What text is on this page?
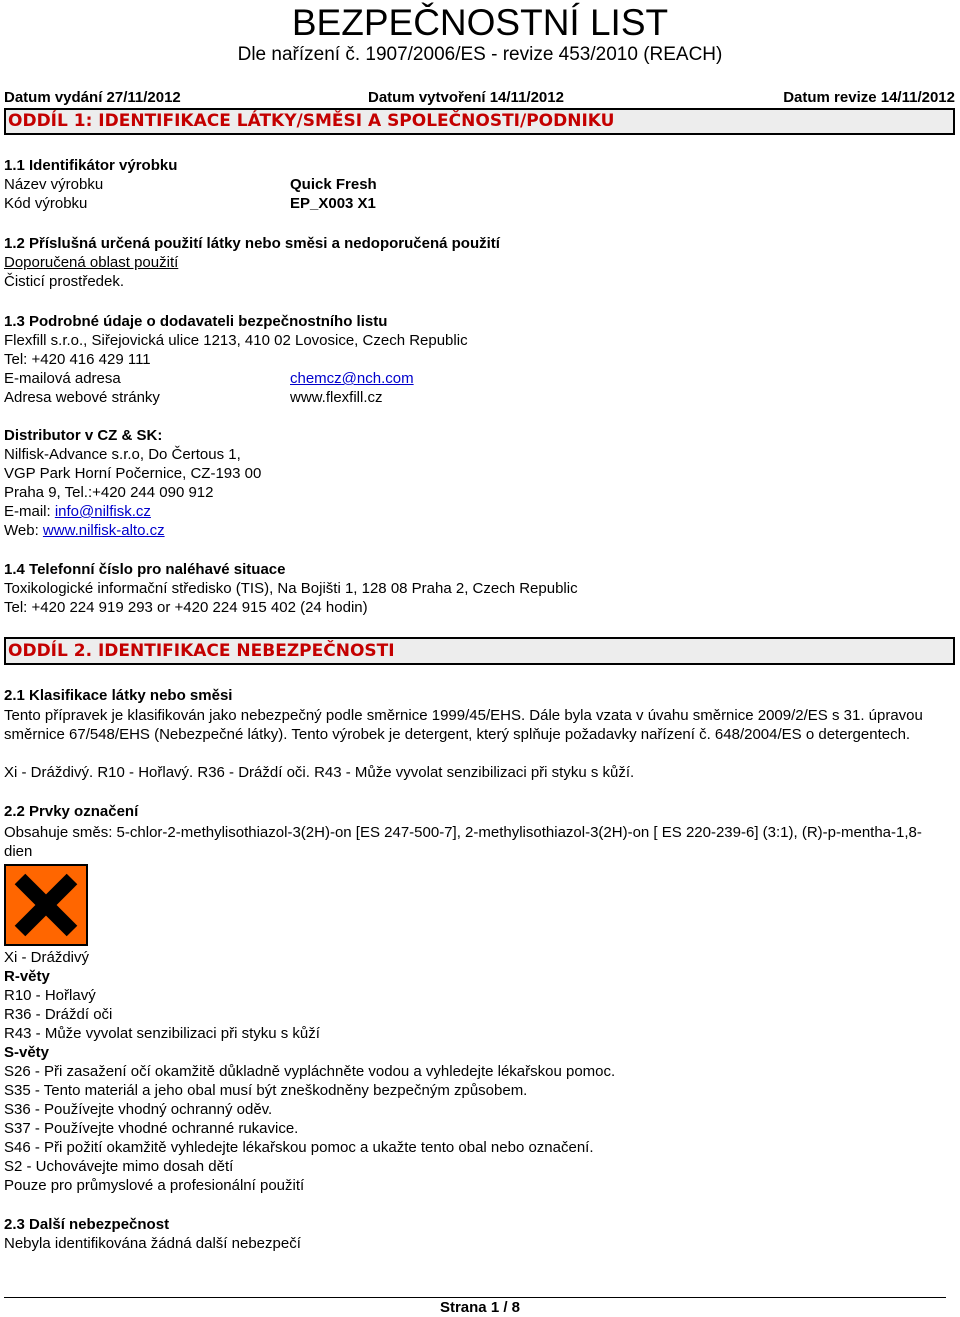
BEZPEČNOSTNÍ LIST
Dle nařízení č. 1907/2006/ES - revize 453/2010 (REACH)
Datum vydání 27/11/2012	Datum vytvoření 14/11/2012	Datum revize 14/11/2012
ODDÍL 1: IDENTIFIKACE LÁTKY/SMĚSI A SPOLEČNOSTI/PODNIKU
1.1 Identifikátor výrobku
Název výrobku	Quick Fresh
Kód výrobku	EP_X003 X1
1.2 Příslušná určená použití látky nebo směsi a nedoporučená použití
Doporučená oblast použití
Čisticí prostředek.
1.3 Podrobné údaje o dodavateli bezpečnostního listu
Flexfill s.r.o., Siřejovická ulice 1213, 410 02 Lovosice, Czech Republic
Tel: +420 416 429 111
E-mailová adresa	chemcz@nch.com
Adresa webové stránky	www.flexfill.cz
Distributor v CZ & SK:
Nilfisk-Advance s.r.o, Do Čertous 1,
VGP Park Horní Počernice, CZ-193 00
Praha 9, Tel.:+420 244 090 912
E-mail: info@nilfisk.cz
Web: www.nilfisk-alto.cz
1.4 Telefonní číslo pro naléhavé situace
Toxikologické informační středisko (TIS), Na Bojišti 1, 128 08 Praha 2, Czech Republic
Tel: +420 224 919 293 or +420 224 915 402 (24 hodin)
ODDÍL 2. IDENTIFIKACE NEBEZPEČNOSTI
2.1 Klasifikace látky nebo směsi
Tento přípravek je klasifikován jako nebezpečný podle směrnice 1999/45/EHS. Dále byla vzata v úvahu směrnice 2009/2/ES s 31. úpravou směrnice 67/548/EHS (Nebezpečné látky). Tento výrobek je detergent, který splňuje požadavky nařízení č. 648/2004/ES o detergentech.
Xi - Dráždivý. R10 - Hořlavý. R36 - Dráždí oči. R43 - Může vyvolat senzibilizaci při styku s kůží.
2.2 Prvky označení
Obsahuje směs: 5-chlor-2-methylisothiazol-3(2H)-on [ES 247-500-7], 2-methylisothiazol-3(2H)-on [ ES 220-239-6] (3:1), (R)-p-mentha-1,8-dien
Xi - Dráždivý
R-věty
R10 - Hořlavý
R36 - Dráždí oči
R43 - Může vyvolat senzibilizaci při styku s kůží
S-věty
S26 - Při zasažení očí okamžitě důkladně vypláchněte vodou a vyhledejte lékařskou pomoc.
S35 - Tento materiál a jeho obal musí být zneškodněny bezpečným způsobem.
S36 - Používejte vhodný ochranný oděv.
S37 - Používejte vhodné ochranné rukavice.
S46 - Při požití okamžitě vyhledejte lékařskou pomoc a ukažte tento obal nebo označení.
S2 - Uchovávejte mimo dosah dětí
Pouze pro průmyslové a profesionální použití
2.3 Další nebezpečnost
Nebyla identifikována žádná další nebezpečí
Strana 1 / 8
